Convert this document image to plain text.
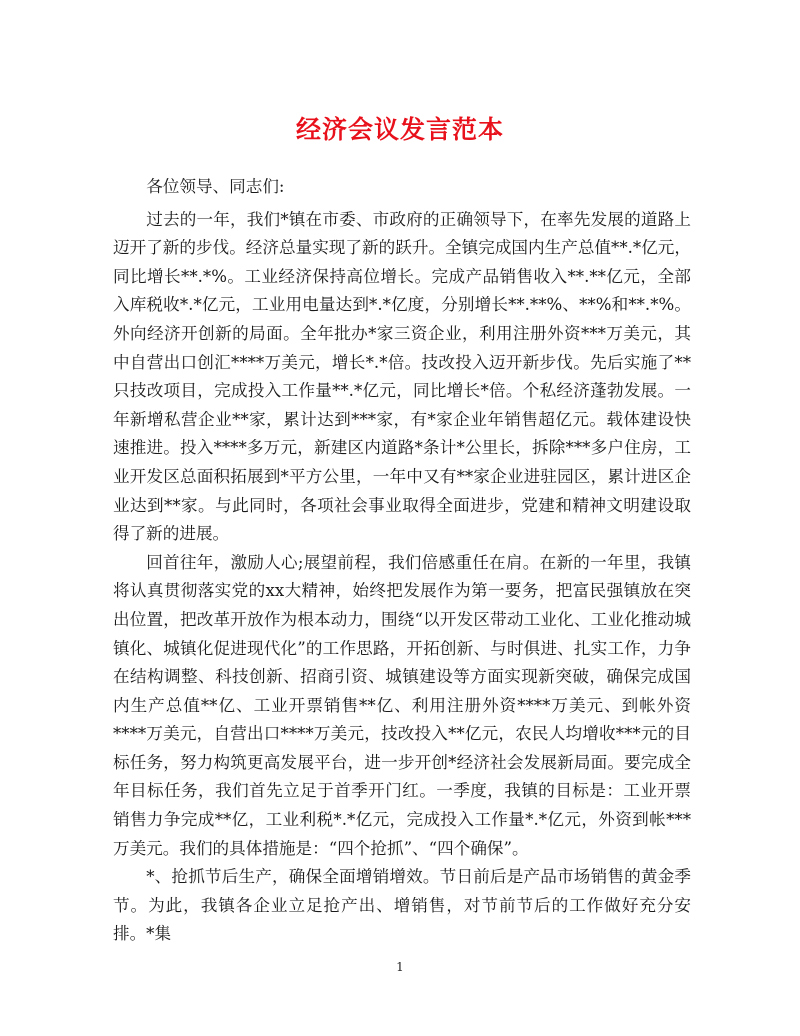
经济会议发言范本

各位领导、同志们:

过去的一年，我们*镇在市委、市政府的正确领导下，在率先发展的道路上迈开了新的步伐。经济总量实现了新的跃升。全镇完成国内生产总值**.*亿元，同比增长**.*%。工业经济保持高位增长。完成产品销售收入**.**亿元，全部入库税收*.*亿元，工业用电量达到*.*亿度，分别增长**.**%、**%和**.*%。外向经济开创新的局面。全年批办*家三资企业，利用注册外资***万美元，其中自营出口创汇****万美元，增长*.*倍。技改投入迈开新步伐。先后实施了**只技改项目，完成投入工作量**.*亿元，同比增长*倍。个私经济蓬勃发展。一年新增私营企业**家，累计达到***家，有*家企业年销售超亿元。载体建设快速推进。投入****多万元，新建区内道路*条计*公里长，拆除***多户住房，工业开发区总面积拓展到*平方公里，一年中又有**家企业进驻园区，累计进区企业达到**家。与此同时，各项社会事业取得全面进步，党建和精神文明建设取得了新的进展。

回首往年，激励人心;展望前程，我们倍感重任在肩。在新的一年里，我镇将认真贯彻落实党的xx大精神，始终把发展作为第一要务，把富民强镇放在突出位置，把改革开放作为根本动力，围绕“以开发区带动工业化、工业化推动城镇化、城镇化促进现代化”的工作思路，开拓创新、与时俱进、扎实工作，力争在结构调整、科技创新、招商引资、城镇建设等方面实现新突破，确保完成国内生产总值**亿、工业开票销售**亿、利用注册外资****万美元、到帐外资****万美元，自营出口****万美元，技改投入**亿元，农民人均增收***元的目标任务，努力构筑更高发展平台，进一步开创*经济社会发展新局面。要完成全年目标任务，我们首先立足于首季开门红。一季度，我镇的目标是：工业开票销售力争完成**亿，工业利税*.*亿元，完成投入工作量*.*亿元，外资到帐***万美元。我们的具体措施是：“四个抢抓”、“四个确保”。

*、抢抓节后生产，确保全面增销增效。节日前后是产品市场销售的黄金季节。为此，我镇各企业立足抢产出、增销售，对节前节后的工作做好充分安排。*集

1
